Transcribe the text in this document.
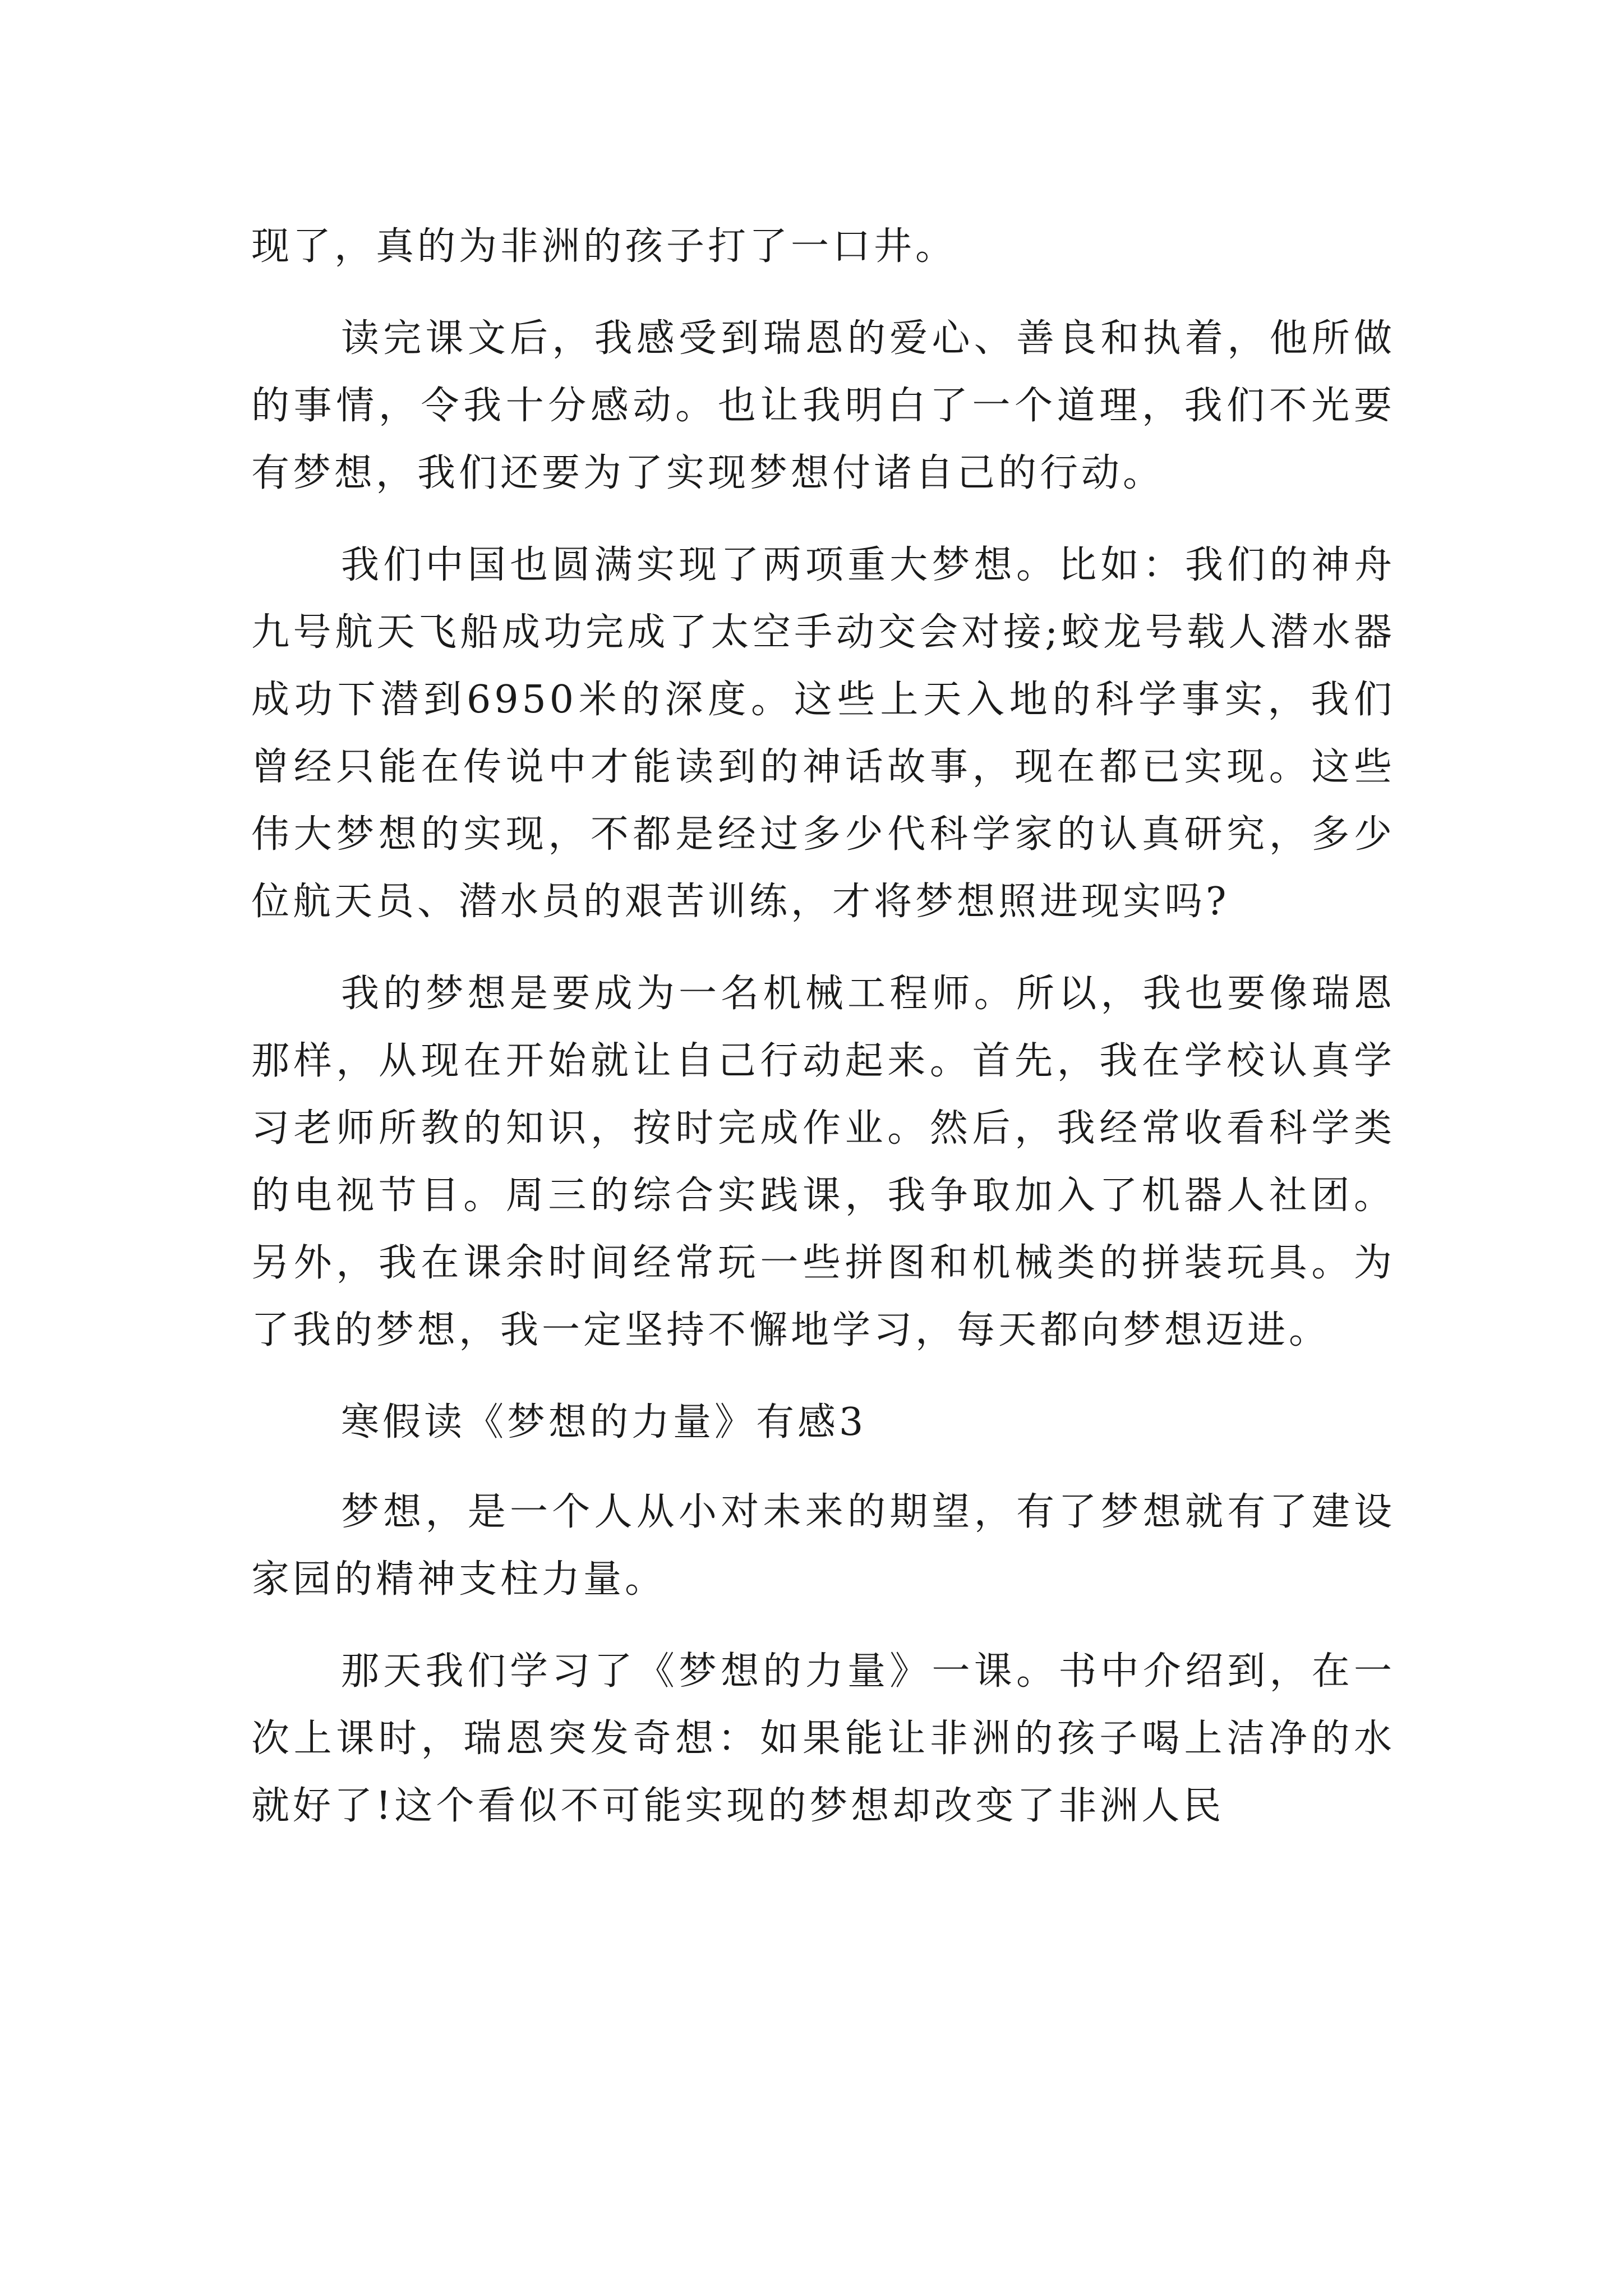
现了，真的为非洲的孩子打了一口井。

读完课文后，我感受到瑞恩的爱心、善良和执着，他所做的事情，令我十分感动。也让我明白了一个道理，我们不光要有梦想，我们还要为了实现梦想付诸自己的行动。

我们中国也圆满实现了两项重大梦想。比如：我们的神舟九号航天飞船成功完成了太空手动交会对接;蛟龙号载人潜水器成功下潜到6950米的深度。这些上天入地的科学事实，我们曾经只能在传说中才能读到的神话故事，现在都已实现。这些伟大梦想的实现，不都是经过多少代科学家的认真研究，多少位航天员、潜水员的艰苦训练，才将梦想照进现实吗?

我的梦想是要成为一名机械工程师。所以，我也要像瑞恩那样，从现在开始就让自己行动起来。首先，我在学校认真学习老师所教的知识，按时完成作业。然后，我经常收看科学类的电视节目。周三的综合实践课，我争取加入了机器人社团。另外，我在课余时间经常玩一些拼图和机械类的拼装玩具。为了我的梦想，我一定坚持不懈地学习，每天都向梦想迈进。

寒假读《梦想的力量》有感3

梦想，是一个人从小对未来的期望，有了梦想就有了建设家园的精神支柱力量。

那天我们学习了《梦想的力量》一课。书中介绍到，在一次上课时，瑞恩突发奇想：如果能让非洲的孩子喝上洁净的水就好了!这个看似不可能实现的梦想却改变了非洲人民
